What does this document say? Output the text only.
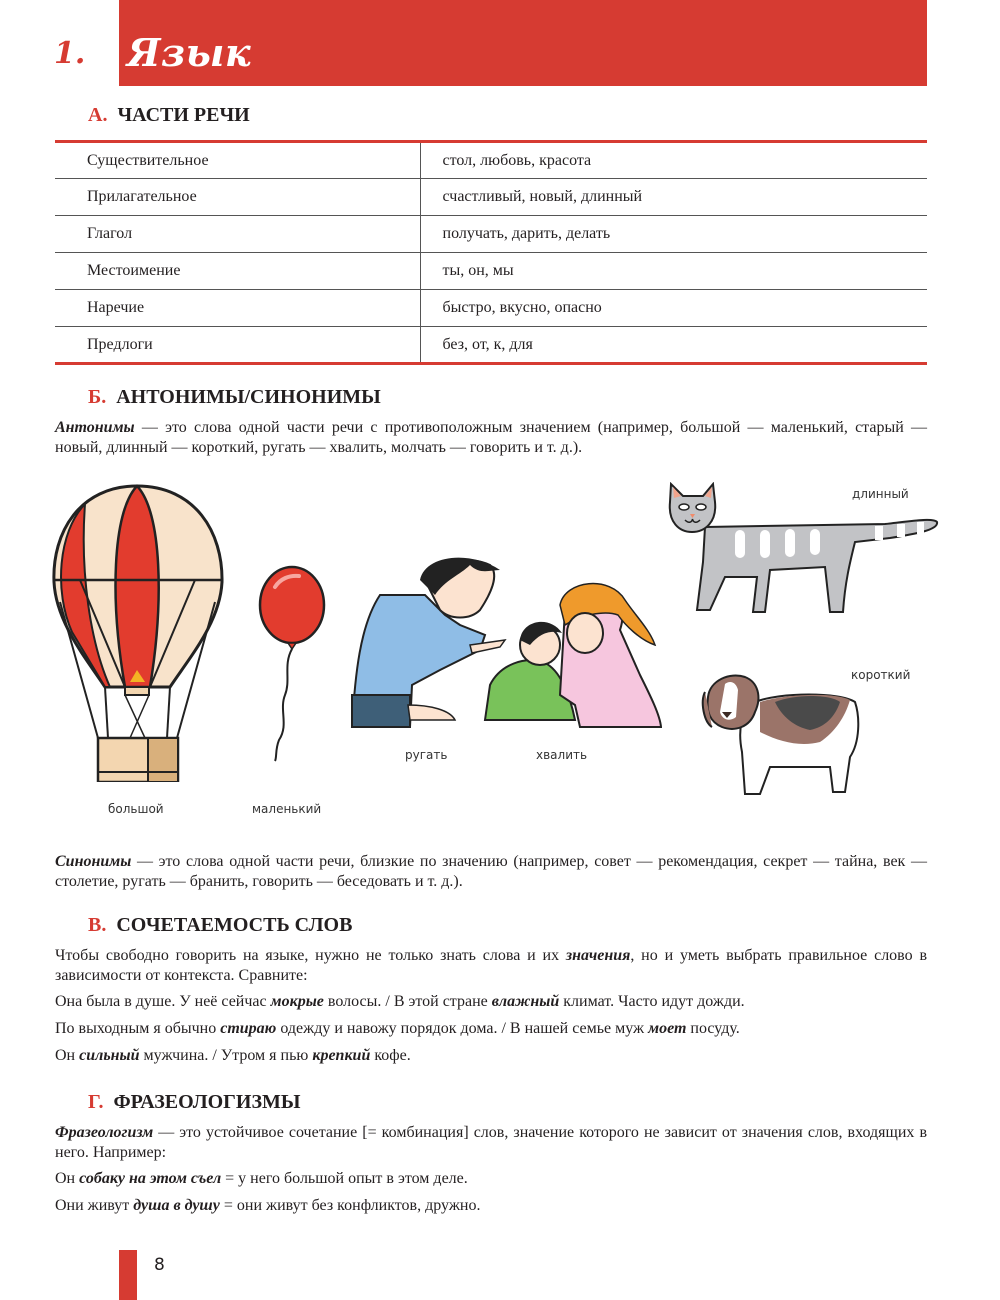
1. Язык
А. ЧАСТИ РЕЧИ
Существительное	стол, любовь, красота
Прилагательное	счастливый, новый, длинный
Глагол	получать, дарить, делать
Местоимение	ты, он, мы
Наречие	быстро, вкусно, опасно
Предлоги	без, от, к, для
Б. АНТОНИМЫ/СИНОНИМЫ
Антонимы — это слова одной части речи с противоположным значением (например, большой — маленький, старый — новый, длинный — короткий, ругать — хвалить, молчать — говорить и т. д.).
большой	маленький
ругать	хвалить
длинный
короткий
Синонимы — это слова одной части речи, близкие по значению (например, совет — рекомендация, секрет — тайна, век — столетие, ругать — бранить, говорить — беседовать и т. д.).
В. СОЧЕТАЕМОСТЬ СЛОВ
Чтобы свободно говорить на языке, нужно не только знать слова и их значения, но и уметь выбрать правильное слово в зависимости от контекста. Сравните:
Она была в душе. У неё сейчас мокрые волосы. / В этой стране влажный климат. Часто идут дожди.
По выходным я обычно стираю одежду и навожу порядок дома. / В нашей семье муж моет посуду.
Он сильный мужчина. / Утром я пью крепкий кофе.
Г. ФРАЗЕОЛОГИЗМЫ
Фразеологизм — это устойчивое сочетание [= комбинация] слов, значение которого не зависит от значения слов, входящих в него. Например:
Он собаку на этом съел = у него большой опыт в этом деле.
Они живут душа в душу = они живут без конфликтов, дружно.
8
